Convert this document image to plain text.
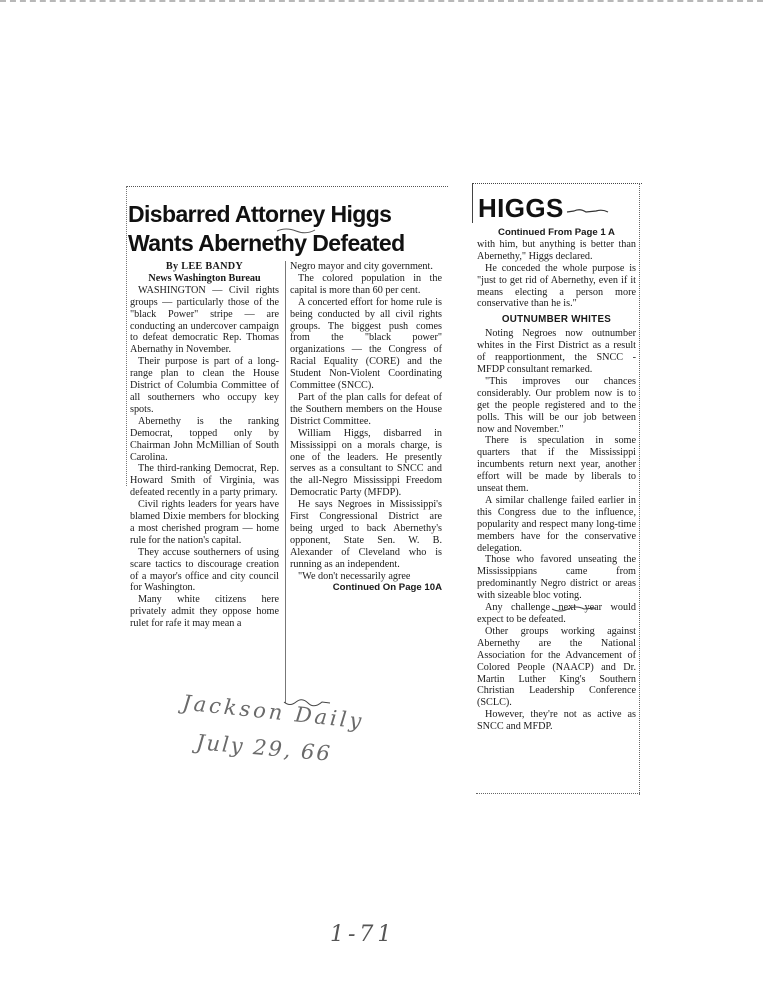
Disbarred Attorney Higgs
Wants Abernethy Defeated

By LEE BANDY

News Washington Bureau

WASHINGTON — Civil rights groups — particularly those of the "black Power" stripe — are conducting an undercover campaign to defeat democratic Rep. Thomas Abernathy in November.

Their purpose is part of a long-range plan to clean the House District of Columbia Committee of all southerners who occupy key spots.

Abernethy is the ranking Democrat, topped only by Chairman John McMillian of South Carolina.

The third-ranking Democrat, Rep. Howard Smith of Virginia, was defeated recently in a party primary.

Civil rights leaders for years have blamed Dixie members for blocking a most cherished program — home rule for the nation's capital.

They accuse southerners of using scare tactics to discourage creation of a mayor's office and city council for Washington.

Many white citizens here privately admit they oppose home rulet for rafe it may mean a

Negro mayor and city government.

The colored population in the capital is more than 60 per cent.

A concerted effort for home rule is being conducted by all civil rights groups. The biggest push comes from the "black power" organizations — the Congress of Racial Equality (CORE) and the Student Non-Violent Coordinating Committee (SNCC).

Part of the plan calls for defeat of the Southern members on the House District Committee.

William Higgs, disbarred in Mississippi on a morals charge, is one of the leaders. He presently serves as a consultant to SNCC and the all-Negro Mississippi Freedom Democratic Party (MFDP).

He says Negroes in Mississippi's First Congressional District are being urged to back Abernethy's opponent, State Sen. W. B. Alexander of Cleveland who is running as an independent.

"We don't necessarily agree

Continued On Page 10A

HIGGS

Continued From Page 1 A

with him, but anything is better than Abernethy," Higgs declared.

He conceded the whole purpose is "just to get rid of Abernethy, even if it means electing a person more conservative than he is."

OUTNUMBER WHITES

Noting Negroes now outnumber whites in the First District as a result of reapportionment, the SNCC - MFDP consultant remarked.

"This improves our chances considerably. Our problem now is to get the people registered and to the polls. This will be our job between now and November."

There is speculation in some quarters that if the Mississippi incumbents return next year, another effort will be made by liberals to unseat them.

A similar challenge failed earlier in this Congress due to the influence, popularity and respect many long-time members have for the conservative delegation.

Those who favored unseating the Mississippians came from predominantly Negro district or areas with sizeable bloc voting.

Any challenge next year would expect to be defeated.

Other groups working against Abernethy are the National Association for the Advancement of Colored People (NAACP) and Dr. Martin Luther King's Southern Christian Leadership Conference (SCLC).

However, they're not as active as SNCC and MFDP.

Jackson Daily
July 29, 66
1-71
